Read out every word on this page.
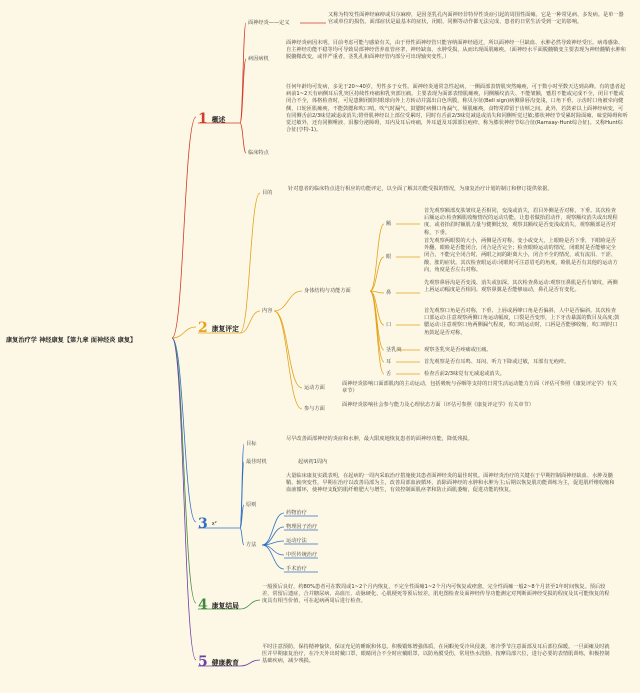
康复治疗学 神经康复【第九章 面神经炎 康复】
1 概述
2 康复评定
3 x²
4 康复结局
5 健康教育
面神经炎——定义
又称为特发性面神经麻痹或贝尔麻痹，是因茎乳孔内面神经非特异性炎症引起的周围性面瘫。它是一种常见病、多发病。是单一器官或单位的损伤。面部症状是最基本的症状，闭眼、同侧等动作都无法完成，患者的日常生活受到一定的影响。
病因病机
面神经炎病因未明。目前考虑可能与感染有关，由于骨性面神经管只能容纳面神经通过，所以面神经一旦缺血、水肿必然导致神经受压。病毒感染、自主神经功能不稳等均可导致局部神经营养血管痉挛，神经缺血、水肿受损，从而出现面肌瘫痪。（面神经水平面脱髓鞘变主要表现为神经髓鞘水肿和脱髓鞘改变，或伴严重者，茎乳孔和面神经管内部分可出现轴突变性。）
临床特点
任何年龄均可发病，多见于20~40岁，男性多于女性。面神经炎通常急性起病，一侧面部表情肌突然瘫痪，可于数小时至数天达到高峰。有的患者起病前1~2天有病侧耳后乳突区持续性疼痛和乳突部压痛。主要表现为面部表情肌瘫痪，同侧额纹消失、不能皱额，蹙眉不能或完成不全，闭目不能或闭合不全，体格检查时，可见患侧闭眼时眼球向外上方转动并露出白色巩膜，称贝尔征(Bell sign)病侧鼻唇沟变浅，口角下垂，示齿时口角被牵向健侧，口轮匝肌瘫痪，不能鼓腮和吹口哨，吹气时漏气，鼓腮时病侧口角漏气，颊肌瘫痪，食物常滞留于齿颊之间。此外，若鼓索以上面神经病变，可有同侧舌前2/3味觉减退或消失;镫骨肌神经以上部位受累时，同时有舌前2/3味觉减退或消失和同侧听觉过敏;膝状神经节受累时除面瘫、味觉障碍和听觉过敏外，还有同侧唾液、泪腺分泌障碍，耳内及耳后疼痛，外耳道及耳郭部位疱疹，称为膝状神经节综合征(Ramsay-Hunt综合征)。又称Hunt综合征(亨特-1)。
目的
针对患者的临床特点进行相应的功能评定，以全面了解其功能受损的情况，为康复治疗计划的制订和修订提供依据。
内容
身体结构与功能方面
额
首先观察额部皮肤皱纹是否相同，变浅或消失，眉目外侧是否对称，下垂。其次检查后额运动:检查额肌收缩情况的运动功能。让患者做抬眉动作，观察额纹消失或出现程度，或者抬眉时额肌力量与健侧比较，观察其额纹是否变浅或消失。观察额部是否对称，下垂。
眼
首先观察两眼裂的大小，两侧是否对称、变小或变大，上眼睑是否下垂，下眼睑是否外翻，眼睑是否能闭合，闭合是否完全；检查眼睑运动的情况，闭眼时是否能够完全闭合，不能完全闭合时，两眼之间的距离大小，闭合不全的情况，或有流泪、干涩、酸、胀的症状。其次检查眼运动:闭眼时可注意眉毛的角度，睑肌是否有其他的运动方向，角度是否左右对称。
鼻
先观察鼻唇沟是否变浅、消失或加深。其次检查鼻运动:观察压鼻肌是否有皱纹，两侧上唇运动幅度是否相同。观察鼻翼是否能够扇动，鼻孔是否有变化。
口
首先观察口角是否对称，下垂、上唇或唇峰口角是否偏斜，人中是否偏斜。其次检查口部运动:注意观察两侧口角运动幅度，口裂是否变形，上下牙齿暴露的数目及高度;鼓腮运动:注意观察口角两侧漏气程度，吹口哨运动时，口唇是否能够收缩，吹口哨时口角鼓起是否对称。
茎乳突	观察茎乳突是否疼痛或压痛。
耳	首先观察是否有耳鸣、耳闷、听力下降或过敏，耳部有无疱疹。
舌	检查舌前2/3味觉有无减退或消失。
运动方面
面神经炎影响口面部肌肉的主动运动，包括吸吮与吞咽等支持的日常生活运动能力方面（评估可参照《康复评定学》有关章节）
参与方面
面神经炎影响社会参与能力及心理状态方面（评估可参照《康复评定学》有关章节）
目标
尽早改善面部神经的炎症和水肿，最大限度地恢复患者的面神经功能，降低残损。
最佳时机	起病初1周内
原则
大量临床康复实践表明，在起病的一周内采取治疗措施使其患者面神经炎的最佳时机。面神经炎治疗的关键在于早期控制面神经缺血、水肿及髓鞘、轴突变性，早期在治疗以改善局部为主，改善局部血液循环，消除面神经的水肿和水肿为主;后期以恢复肌功能训练为主，促进肌纤维收缩和血液循环，使神经支配的肌纤维肥大与增生，有效控制面肌痉挛和防止面肌萎缩，促进功能的恢复。
方法
药物治疗
物理因子治疗
运动疗法
中医传统治疗
手术治疗
一般预后良好，约80%患者可在数周或1~2个月内恢复，不完全性面瘫1~2个月内可恢复或痊愈，完全性面瘫一般2~8个月甚至1年时间恢复。预后较差，常留后遗症，合并糖尿病、高血压、动脉硬化、心肌梗死等预后较差。肌电图检查及面神经传导功能测定对判断面神经受损的程度及其可能恢复的程度具有相当价值，可在起病两周后进行检查。
平时注意预防，保持精神愉快，保证充足的睡眠和休息。积极锻炼增强体质，在闲暇免受冷风侵袭，寒冷季节注意面部及耳后部位保暖。一旦面瘫及时就医并早期康复治疗，在冷天外出时戴口罩，眼睛闭合不全时应戴眼罩，以防角膜受伤，常用热水洗脸，按摩局部穴位，进行必要的表情肌训练，积极控制基础疾病，减少残损。
